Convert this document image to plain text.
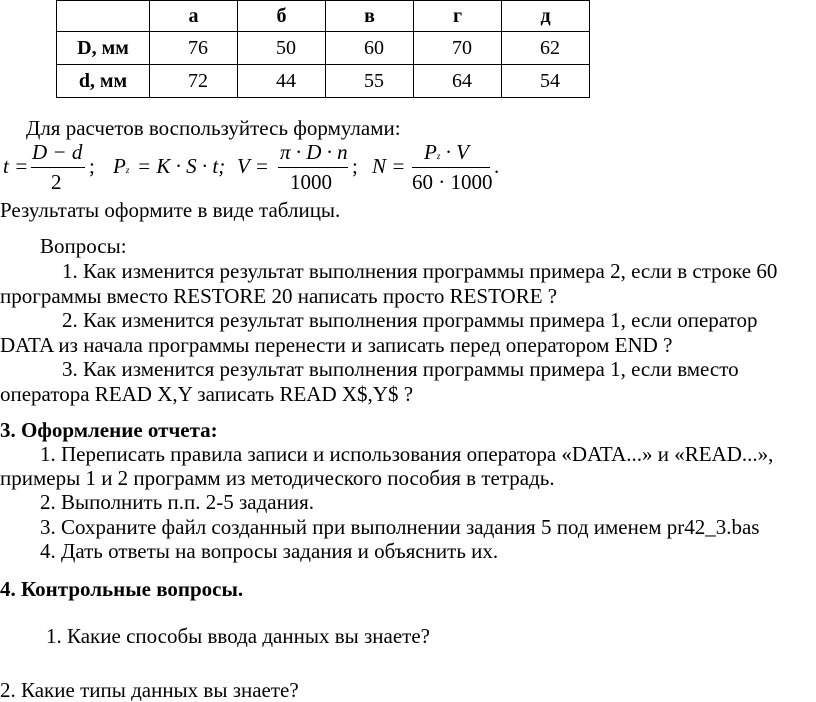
	а	б	в	г	д
D, мм	76	50	60	70	62
d, мм	72	44	55	64	54
Для расчетов воспользуйтесь формулами:
t =
D − d
2
; Pz = K · S · t; V =
π · D · n
1000
; N =
Pz · V
60 · 1000
.
Результаты оформите в виде таблицы.
Вопросы:
1. Как изменится результат выполнения программы примера 2, если в строке 60
программы вместо RESTORE 20 написать просто RESTORE ?
2. Как изменится результат выполнения программы примера 1, если оператор
DATA из начала программы перенести и записать перед оператором END ?
3. Как изменится результат выполнения программы примера 1, если вместо
оператора READ X,Y записать READ X$,Y$ ?
3. Оформление отчета:
1. Переписать правила записи и использования оператора «DATA...» и «READ...»,
примеры 1 и 2 программ из методического пособия в тетрадь.
2. Выполнить п.п. 2-5 задания.
3. Сохраните файл созданный при выполнении задания 5 под именем pr42_3.bas
4. Дать ответы на вопросы задания и объяснить их.
4. Контрольные вопросы.
1. Какие способы ввода данных вы знаете?
2. Какие типы данных вы знаете?
